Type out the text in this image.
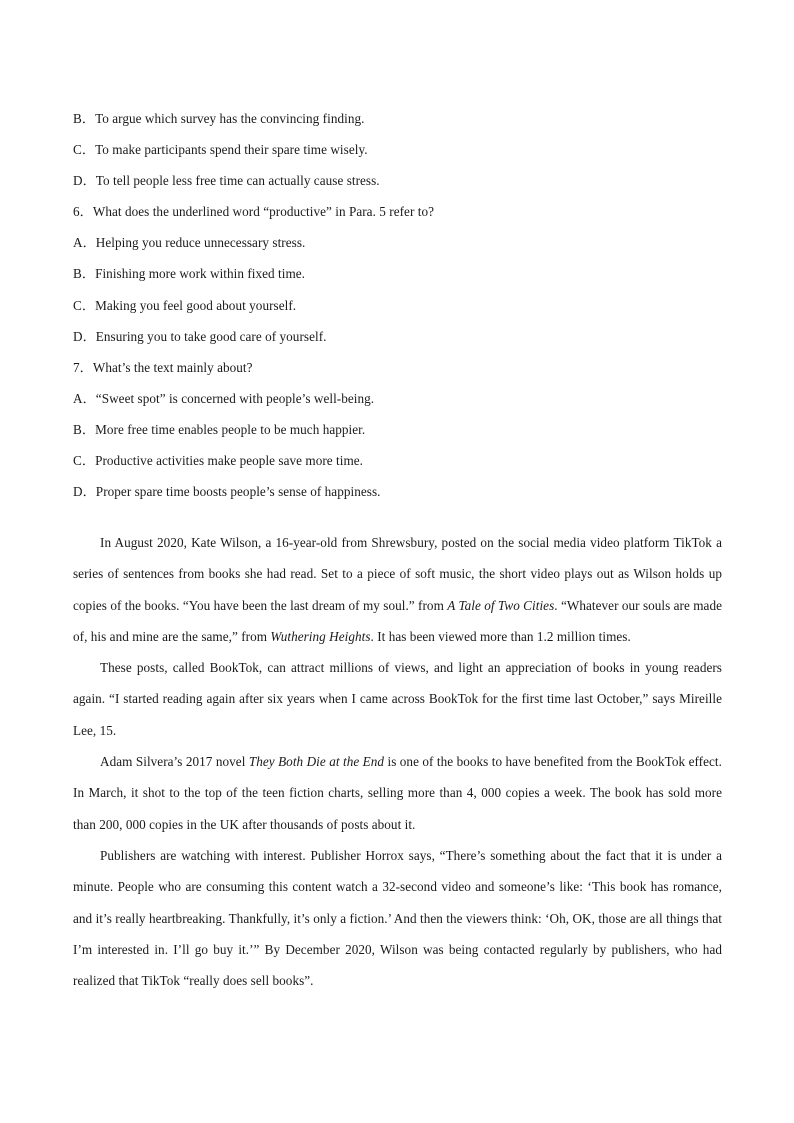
B．To argue which survey has the convincing finding.
C．To make participants spend their spare time wisely.
D．To tell people less free time can actually cause stress.
6．What does the underlined word “productive” in Para. 5 refer to?
A．Helping you reduce unnecessary stress.
B．Finishing more work within fixed time.
C．Making you feel good about yourself.
D．Ensuring you to take good care of yourself.
7．What’s the text mainly about?
A．“Sweet spot” is concerned with people’s well-being.
B．More free time enables people to be much happier.
C．Productive activities make people save more time.
D．Proper spare time boosts people’s sense of happiness.

In August 2020, Kate Wilson, a 16-year-old from Shrewsbury, posted on the social media video platform TikTok a series of sentences from books she had read. Set to a piece of soft music, the short video plays out as Wilson holds up copies of the books. “You have been the last dream of my soul.” from A Tale of Two Cities. “Whatever our souls are made of, his and mine are the same,” from Wuthering Heights. It has been viewed more than 1.2 million times.

These posts, called BookTok, can attract millions of views, and light an appreciation of books in young readers again. “I started reading again after six years when I came across BookTok for the first time last October,” says Mireille Lee, 15.

Adam Silvera’s 2017 novel They Both Die at the End is one of the books to have benefited from the BookTok effect. In March, it shot to the top of the teen fiction charts, selling more than 4, 000 copies a week. The book has sold more than 200, 000 copies in the UK after thousands of posts about it.

Publishers are watching with interest. Publisher Horrox says, “There’s something about the fact that it is under a minute. People who are consuming this content watch a 32-second video and someone’s like: ‘This book has romance, and it’s really heartbreaking. Thankfully, it’s only a fiction.’ And then the viewers think: ‘Oh, OK, those are all things that I’m interested in. I’ll go buy it.’” By December 2020, Wilson was being contacted regularly by publishers, who had realized that TikTok “really does sell books”.
